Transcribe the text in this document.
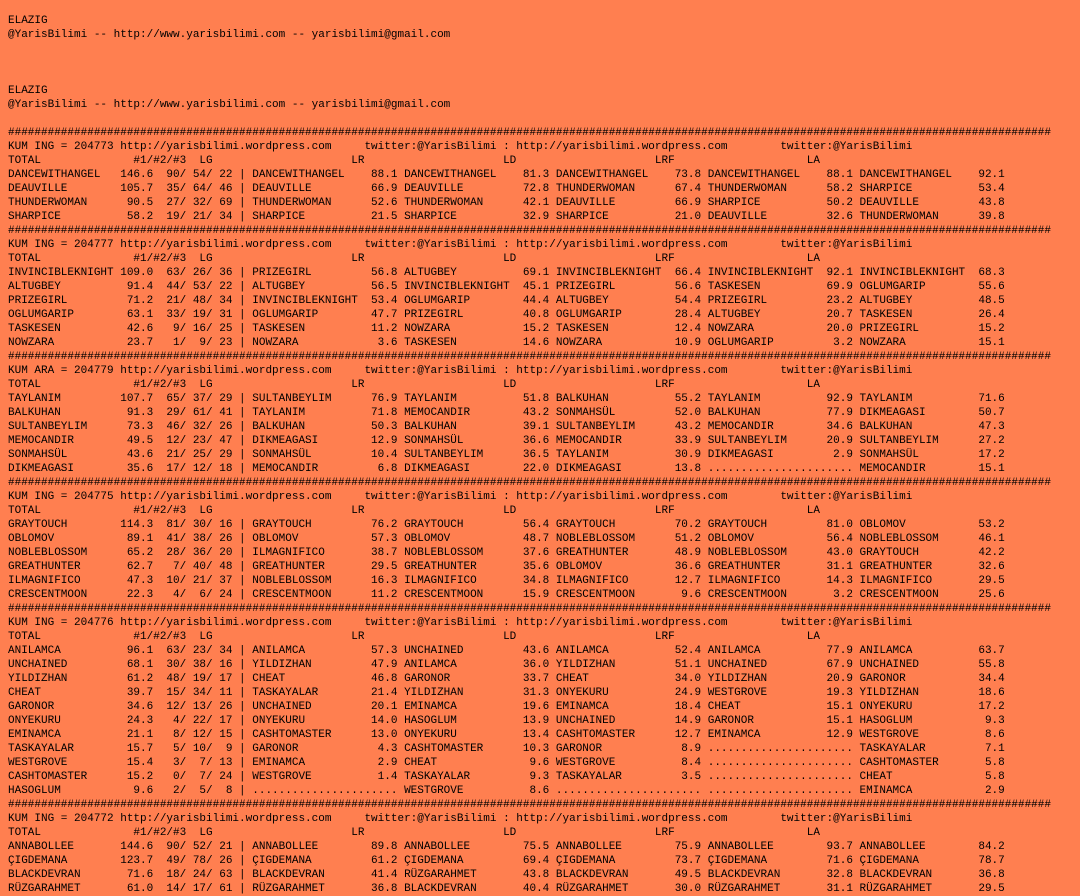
ELAZIG
@YarisBilimi -- http://www.yarisbilimi.com -- yarisbilimi@gmail.com
ELAZIG
@YarisBilimi -- http://www.yarisbilimi.com -- yarisbilimi@gmail.com
##############################################################################################################################################################
KUM ING = 204773 http://yarisbilimi.wordpress.com     twitter:@YarisBilimi : http://yarisbilimi.wordpress.com        twitter:@YarisBilimi
TOTAL              #1/#2/#3  LG                     LR                     LD                     LRF                    LA
DANCEWITHANGEL   146.6  90/ 54/ 22 | DANCEWITHANGEL    88.1 DANCEWITHANGEL    81.3 DANCEWITHANGEL    73.8 DANCEWITHANGEL    88.1 DANCEWITHANGEL    92.1
DEAUVILLE        105.7  35/ 64/ 46 | DEAUVILLE         66.9 DEAUVILLE         72.8 THUNDERWOMAN      67.4 THUNDERWOMAN      58.2 SHARPICE          53.4
THUNDERWOMAN      90.5  27/ 32/ 69 | THUNDERWOMAN      52.6 THUNDERWOMAN      42.1 DEAUVILLE         66.9 SHARPICE          50.2 DEAUVILLE         43.8
SHARPICE          58.2  19/ 21/ 34 | SHARPICE          21.5 SHARPICE          32.9 SHARPICE          21.0 DEAUVILLE         32.6 THUNDERWOMAN      39.8
##############################################################################################################################################################
KUM ING = 204777 http://yarisbilimi.wordpress.com     twitter:@YarisBilimi : http://yarisbilimi.wordpress.com        twitter:@YarisBilimi
TOTAL              #1/#2/#3  LG                     LR                     LD                     LRF                    LA
INVINCIBLEKNIGHT 109.0  63/ 26/ 36 | PRIZEGIRL         56.8 ALTUGBEY          69.1 INVINCIBLEKNIGHT  66.4 INVINCIBLEKNIGHT  92.1 INVINCIBLEKNIGHT  68.3
ALTUGBEY          91.4  44/ 53/ 22 | ALTUGBEY          56.5 INVINCIBLEKNIGHT  45.1 PRIZEGIRL         56.6 TASKESEN          69.9 OGLUMGARIP        55.6
PRIZEGIRL         71.2  21/ 48/ 34 | INVINCIBLEKNIGHT  53.4 OGLUMGARIP        44.4 ALTUGBEY          54.4 PRIZEGIRL         23.2 ALTUGBEY          48.5
OGLUMGARIP        63.1  33/ 19/ 31 | OGLUMGARIP        47.7 PRIZEGIRL         40.8 OGLUMGARIP        28.4 ALTUGBEY          20.7 TASKESEN          26.4
TASKESEN          42.6   9/ 16/ 25 | TASKESEN          11.2 NOWZARA           15.2 TASKESEN          12.4 NOWZARA           20.0 PRIZEGIRL         15.2
NOWZARA           23.7   1/  9/ 23 | NOWZARA            3.6 TASKESEN          14.6 NOWZARA           10.9 OGLUMGARIP         3.2 NOWZARA           15.1
##############################################################################################################################################################
KUM ARA = 204779 http://yarisbilimi.wordpress.com     twitter:@YarisBilimi : http://yarisbilimi.wordpress.com        twitter:@YarisBilimi
TOTAL              #1/#2/#3  LG                     LR                     LD                     LRF                    LA
TAYLANIM         107.7  65/ 37/ 29 | SULTANBEYLIM      76.9 TAYLANIM          51.8 BALKUHAN          55.2 TAYLANIM          92.9 TAYLANIM          71.6
BALKUHAN          91.3  29/ 61/ 41 | TAYLANIM          71.8 MEMOCANDIR        43.2 SONMAHSÜL         52.0 BALKUHAN          77.9 DIKMEAGASI        50.7
SULTANBEYLIM      73.3  46/ 32/ 26 | BALKUHAN          50.3 BALKUHAN          39.1 SULTANBEYLIM      43.2 MEMOCANDIR        34.6 BALKUHAN          47.3
MEMOCANDIR        49.5  12/ 23/ 47 | DIKMEAGASI        12.9 SONMAHSÜL         36.6 MEMOCANDIR        33.9 SULTANBEYLIM      20.9 SULTANBEYLIM      27.2
SONMAHSÜL         43.6  21/ 25/ 29 | SONMAHSÜL         10.4 SULTANBEYLIM      36.5 TAYLANIM          30.9 DIKMEAGASI         2.9 SONMAHSÜL         17.2
DIKMEAGASI        35.6  17/ 12/ 18 | MEMOCANDIR         6.8 DIKMEAGASI        22.0 DIKMEAGASI        13.8 ...................... MEMOCANDIR        15.1
##############################################################################################################################################################
KUM ING = 204775 http://yarisbilimi.wordpress.com     twitter:@YarisBilimi : http://yarisbilimi.wordpress.com        twitter:@YarisBilimi
TOTAL              #1/#2/#3  LG                     LR                     LD                     LRF                    LA
GRAYTOUCH        114.3  81/ 30/ 16 | GRAYTOUCH         76.2 GRAYTOUCH         56.4 GRAYTOUCH         70.2 GRAYTOUCH         81.0 OBLOMOV           53.2
OBLOMOV           89.1  41/ 38/ 26 | OBLOMOV           57.3 OBLOMOV           48.7 NOBLEBLOSSOM      51.2 OBLOMOV           56.4 NOBLEBLOSSOM      46.1
NOBLEBLOSSOM      65.2  28/ 36/ 20 | ILMAGNIFICO       38.7 NOBLEBLOSSOM      37.6 GREATHUNTER       48.9 NOBLEBLOSSOM      43.0 GRAYTOUCH         42.2
GREATHUNTER       62.7   7/ 40/ 48 | GREATHUNTER       29.5 GREATHUNTER       35.6 OBLOMOV           36.6 GREATHUNTER       31.1 GREATHUNTER       32.6
ILMAGNIFICO       47.3  10/ 21/ 37 | NOBLEBLOSSOM      16.3 ILMAGNIFICO       34.8 ILMAGNIFICO       12.7 ILMAGNIFICO       14.3 ILMAGNIFICO       29.5
CRESCENTMOON      22.3   4/  6/ 24 | CRESCENTMOON      11.2 CRESCENTMOON      15.9 CRESCENTMOON       9.6 CRESCENTMOON       3.2 CRESCENTMOON      25.6
##############################################################################################################################################################
KUM ING = 204776 http://yarisbilimi.wordpress.com     twitter:@YarisBilimi : http://yarisbilimi.wordpress.com        twitter:@YarisBilimi
TOTAL              #1/#2/#3  LG                     LR                     LD                     LRF                    LA
ANILAMCA          96.1  63/ 23/ 34 | ANILAMCA          57.3 UNCHAINED         43.6 ANILAMCA          52.4 ANILAMCA          77.9 ANILAMCA          63.7
UNCHAINED         68.1  30/ 38/ 16 | YILDIZHAN         47.9 ANILAMCA          36.0 YILDIZHAN         51.1 UNCHAINED         67.9 UNCHAINED         55.8
YILDIZHAN         61.2  48/ 19/ 17 | CHEAT             46.8 GARONOR           33.7 CHEAT             34.0 YILDIZHAN         20.9 GARONOR           34.4
CHEAT             39.7  15/ 34/ 11 | TASKAYALAR        21.4 YILDIZHAN         31.3 ONYEKURU          24.9 WESTGROVE         19.3 YILDIZHAN         18.6
GARONOR           34.6  12/ 13/ 26 | UNCHAINED         20.1 EMINAMCA          19.6 EMINAMCA          18.4 CHEAT             15.1 ONYEKURU          17.2
ONYEKURU          24.3   4/ 22/ 17 | ONYEKURU          14.0 HASOGLUM          13.9 UNCHAINED         14.9 GARONOR           15.1 HASOGLUM           9.3
EMINAMCA          21.1   8/ 12/ 15 | CASHTOMASTER      13.0 ONYEKURU          13.4 CASHTOMASTER      12.7 EMINAMCA          12.9 WESTGROVE          8.6
TASKAYALAR        15.7   5/ 10/  9 | GARONOR            4.3 CASHTOMASTER      10.3 GARONOR            8.9 ...................... TASKAYALAR         7.1
WESTGROVE         15.4   3/  7/ 13 | EMINAMCA           2.9 CHEAT              9.6 WESTGROVE          8.4 ...................... CASHTOMASTER       5.8
CASHTOMASTER      15.2   0/  7/ 24 | WESTGROVE          1.4 TASKAYALAR         9.3 TASKAYALAR         3.5 ...................... CHEAT              5.8
HASOGLUM           9.6   2/  5/  8 | ...................... WESTGROVE          8.6 ...................... ...................... EMINAMCA           2.9
##############################################################################################################################################################
KUM ING = 204772 http://yarisbilimi.wordpress.com     twitter:@YarisBilimi : http://yarisbilimi.wordpress.com        twitter:@YarisBilimi
TOTAL              #1/#2/#3  LG                     LR                     LD                     LRF                    LA
ANNABOLLEE       144.6  90/ 52/ 21 | ANNABOLLEE        89.8 ANNABOLLEE        75.5 ANNABOLLEE        75.9 ANNABOLLEE        93.7 ANNABOLLEE        84.2
ÇIGDEMANA        123.7  49/ 78/ 26 | ÇIGDEMANA         61.2 ÇIGDEMANA         69.4 ÇIGDEMANA         73.7 ÇIGDEMANA         71.6 ÇIGDEMANA         78.7
BLACKDEVRAN       71.6  18/ 24/ 63 | BLACKDEVRAN       41.4 RÜZGARAHMET       43.8 BLACKDEVRAN       49.5 BLACKDEVRAN       32.8 BLACKDEVRAN       36.8
RÜZGARAHMET       61.0  14/ 17/ 61 | RÜZGARAHMET       36.8 BLACKDEVRAN       40.4 RÜZGARAHMET       30.0 RÜZGARAHMET       31.1 RÜZGARAHMET       29.5
